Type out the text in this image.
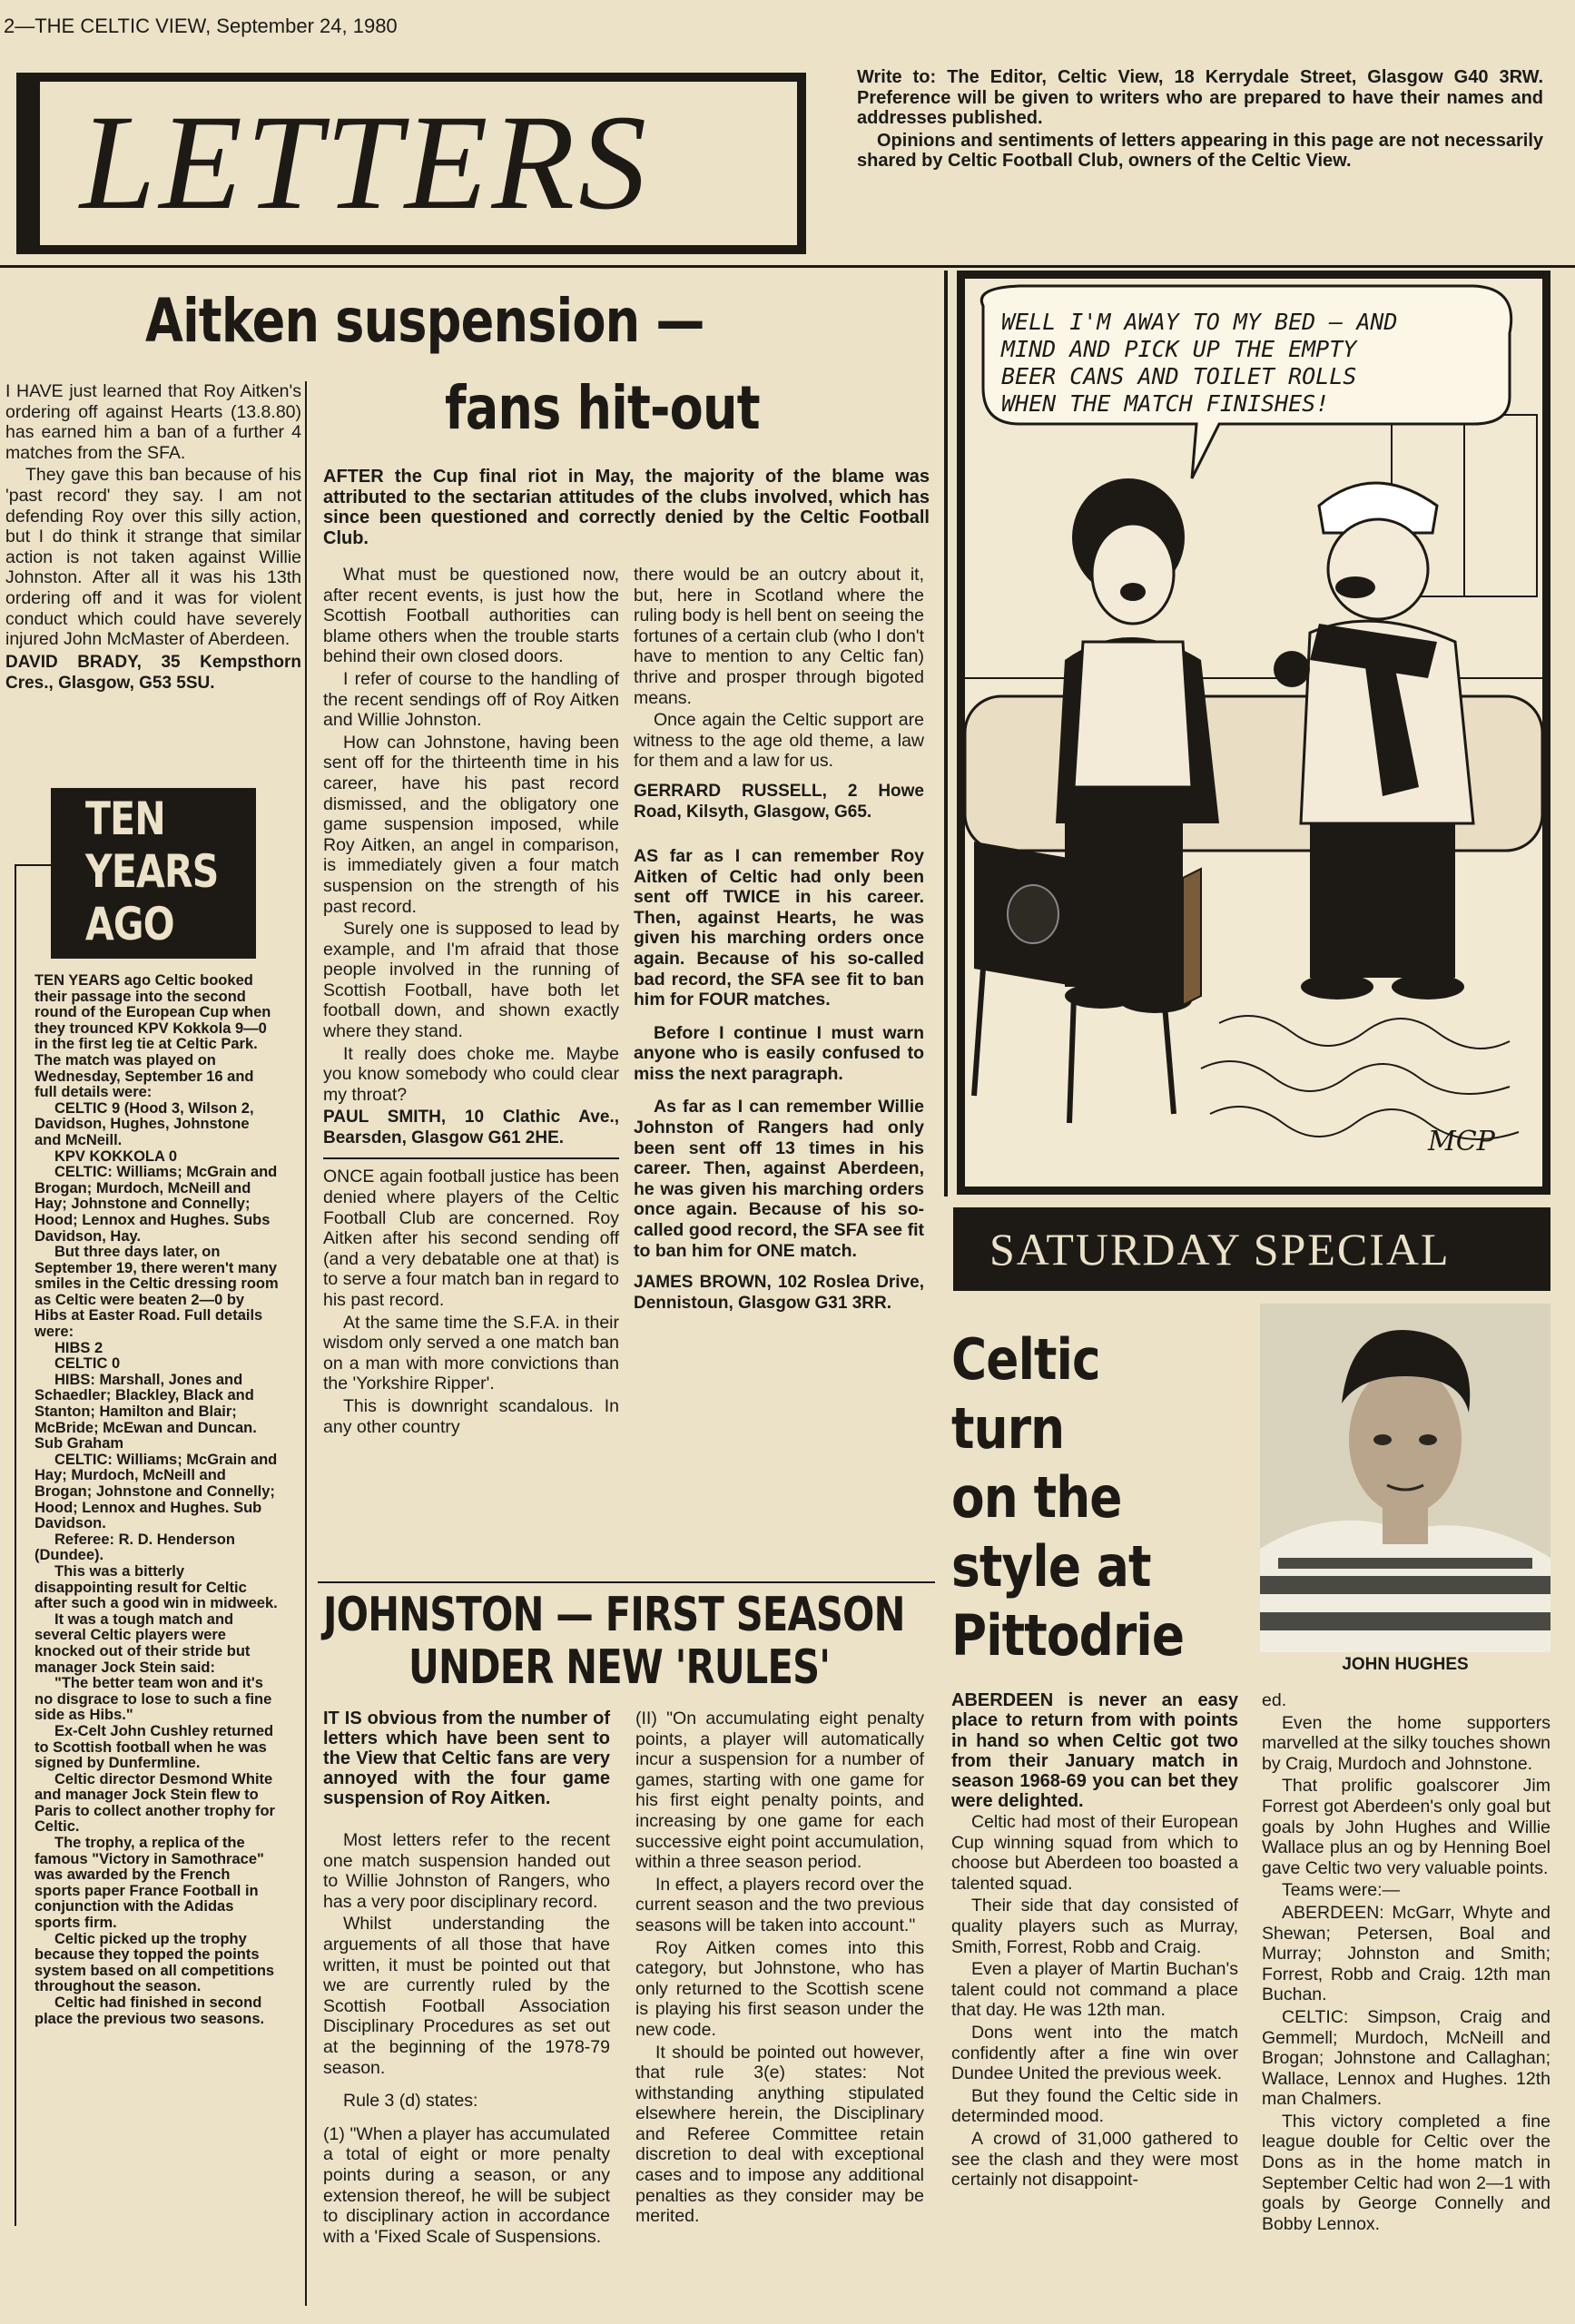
2—THE CELTIC VIEW, September 24, 1980
LETTERS

Write to: The Editor, Celtic View, 18 Kerrydale Street, Glasgow G40 3RW. Preference will be given to writers who are prepared to have their names and addresses published.

Opinions and sentiments of letters appearing in this page are not necessarily shared by Celtic Football Club, owners of the Celtic View.

Aitken suspension —
fans hit-out

I HAVE just learned that Roy Aitken's ordering off against Hearts (13.8.80) has earned him a ban of a further 4 matches from the SFA.

They gave this ban because of his 'past record' they say. I am not defending Roy over this silly action, but I do think it strange that similar action is not taken against Willie Johnston. After all it was his 13th ordering off and it was for violent conduct which could have severely injured John McMaster of Aberdeen.

DAVID BRADY, 35 Kempsthorn Cres., Glasgow, G53 5SU.
TEN
YEARS
AGO

TEN YEARS ago Celtic booked their passage into the second round of the European Cup when they trounced KPV Kokkola 9—0 in the first leg tie at Celtic Park. The match was played on Wednesday, September 16 and full details were:

CELTIC 9 (Hood 3, Wilson 2, Davidson, Hughes, Johnstone and McNeill.

KPV KOKKOLA 0

CELTIC: Williams; McGrain and Brogan; Murdoch, McNeill and Hay; Johnstone and Connelly; Hood; Lennox and Hughes. Subs Davidson, Hay.

But three days later, on September 19, there weren't many smiles in the Celtic dressing room as Celtic were beaten 2—0 by Hibs at Easter Road. Full details were:

HIBS 2

CELTIC 0

HIBS: Marshall, Jones and Schaedler; Blackley, Black and Stanton; Hamilton and Blair; McBride; McEwan and Duncan. Sub Graham

CELTIC: Williams; McGrain and Hay; Murdoch, McNeill and Brogan; Johnstone and Connelly; Hood; Lennox and Hughes. Sub Davidson.

Referee: R. D. Henderson (Dundee).

This was a bitterly disappointing result for Celtic after such a good win in midweek.

It was a tough match and several Celtic players were knocked out of their stride but manager Jock Stein said:

"The better team won and it's no disgrace to lose to such a fine side as Hibs."

Ex-Celt John Cushley returned to Scottish football when he was signed by Dunfermline.

Celtic director Desmond White and manager Jock Stein flew to Paris to collect another trophy for Celtic.

The trophy, a replica of the famous "Victory in Samothrace" was awarded by the French sports paper France Football in conjunction with the Adidas sports firm.

Celtic picked up the trophy because they topped the points system based on all competitions throughout the season.

Celtic had finished in second place the previous two seasons.

AFTER the Cup final riot in May, the majority of the blame was attributed to the sectarian attitudes of the clubs involved, which has since been questioned and correctly denied by the Celtic Football Club.

What must be questioned now, after recent events, is just how the Scottish Football authorities can blame others when the trouble starts behind their own closed doors.

I refer of course to the handling of the recent sendings off of Roy Aitken and Willie Johnston.

How can Johnstone, having been sent off for the thirteenth time in his career, have his past record dismissed, and the obligatory one game suspension imposed, while Roy Aitken, an angel in comparison, is immediately given a four match suspension on the strength of his past record.

Surely one is supposed to lead by example, and I'm afraid that those people involved in the running of Scottish Football, have both let football down, and shown exactly where they stand.

It really does choke me. Maybe you know somebody who could clear my throat?

PAUL SMITH, 10 Clathic Ave., Bearsden, Glasgow G61 2HE.

ONCE again football justice has been denied where players of the Celtic Football Club are concerned. Roy Aitken after his second sending off (and a very debatable one at that) is to serve a four match ban in regard to his past record.

At the same time the S.F.A. in their wisdom only served a one match ban on a man with more convictions than the 'Yorkshire Ripper'.

This is downright scandalous. In any other country

there would be an outcry about it, but, here in Scotland where the ruling body is hell bent on seeing the fortunes of a certain club (who I don't have to mention to any Celtic fan) thrive and prosper through bigoted means.

Once again the Celtic support are witness to the age old theme, a law for them and a law for us.

GERRARD RUSSELL, 2 Howe Road, Kilsyth, Glasgow, G65.

AS far as I can remember Roy Aitken of Celtic had only been sent off TWICE in his career. Then, against Hearts, he was given his marching orders once again. Because of his so-called bad record, the SFA see fit to ban him for FOUR matches.

Before I continue I must warn anyone who is easily confused to miss the next paragraph.

As far as I can remember Willie Johnston of Rangers had only been sent off 13 times in his career. Then, against Aberdeen, he was given his marching orders once again. Because of his so-called good record, the SFA see fit to ban him for ONE match.

JAMES BROWN, 102 Roslea Drive, Dennistoun, Glasgow G31 3RR.
JOHNSTON — FIRST SEASON
UNDER NEW 'RULES'
IT IS obvious from the number of letters which have been sent to the View that Celtic fans are very annoyed with the four game suspension of Roy Aitken.

Most letters refer to the recent one match suspension handed out to Willie Johnston of Rangers, who has a very poor disciplinary record.

Whilst understanding the arguements of all those that have written, it must be pointed out that we are currently ruled by the Scottish Football Association Disciplinary Procedures as set out at the beginning of the 1978-79 season.

Rule 3 (d) states:

(1) "When a player has accumulated a total of eight or more penalty points during a season, or any extension thereof, he will be subject to disciplinary action in accordance with a 'Fixed Scale of Suspensions.

(II) "On accumulating eight penalty points, a player will automatically incur a suspension for a number of games, starting with one game for his first eight penalty points, and increasing by one game for each successive eight point accumulation, within a three season period.

In effect, a players record over the current season and the two previous seasons will be taken into account."

Roy Aitken comes into this category, but Johnstone, who has only returned to the Scottish scene is playing his first season under the new code.

It should be pointed out however, that rule 3(e) states: Not withstanding anything stipulated elsewhere herein, the Disciplinary and Referee Committee retain discretion to deal with exceptional cases and to impose any additional penalties as they consider may be merited.

WELL I'M AWAY TO MY BED — AND
MIND AND PICK UP THE EMPTY
BEER CANS AND TOILET ROLLS
WHEN THE MATCH FINISHES!
MCP
SATURDAY SPECIAL
Celtic
turn
on the
style at
Pittodrie	JOHN HUGHES
ABERDEEN is never an easy place to return from with points in hand so when Celtic got two from their January match in season 1968-69 you can bet they were delighted.

Celtic had most of their European Cup winning squad from which to choose but Aberdeen too boasted a talented squad.

Their side that day consisted of quality players such as Murray, Smith, Forrest, Robb and Craig.

Even a player of Martin Buchan's talent could not command a place that day. He was 12th man.

Dons went into the match confidently after a fine win over Dundee United the previous week.

But they found the Celtic side in determinded mood.

A crowd of 31,000 gathered to see the clash and they were most certainly not disappoint-

ed.

Even the home supporters marvelled at the silky touches shown by Craig, Murdoch and Johnstone.

That prolific goalscorer Jim Forrest got Aberdeen's only goal but goals by John Hughes and Willie Wallace plus an og by Henning Boel gave Celtic two very valuable points.

Teams were:—

ABERDEEN: McGarr, Whyte and Shewan; Petersen, Boal and Murray; Johnston and Smith; Forrest, Robb and Craig. 12th man Buchan.

CELTIC: Simpson, Craig and Gemmell; Murdoch, McNeill and Brogan; Johnstone and Callaghan; Wallace, Lennox and Hughes. 12th man Chalmers.

This victory completed a fine league double for Celtic over the Dons as in the home match in September Celtic had won 2—1 with goals by George Connelly and Bobby Lennox.
